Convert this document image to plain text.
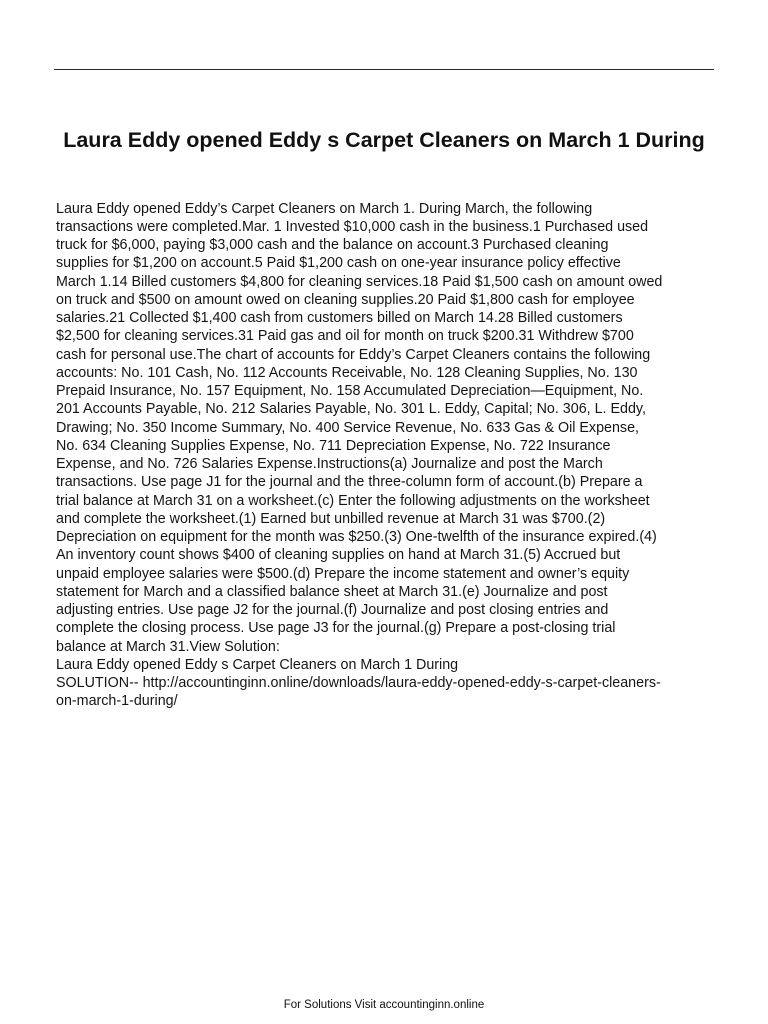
Laura Eddy opened Eddy s Carpet Cleaners on March 1 During
Laura Eddy opened Eddy’s Carpet Cleaners on March 1. During March, the following
transactions were completed.Mar. 1 Invested $10,000 cash in the business.1 Purchased used
truck for $6,000, paying $3,000 cash and the balance on account.3 Purchased cleaning
supplies for $1,200 on account.5 Paid $1,200 cash on one-year insurance policy effective
March 1.14 Billed customers $4,800 for cleaning services.18 Paid $1,500 cash on amount owed
on truck and $500 on amount owed on cleaning supplies.20 Paid $1,800 cash for employee
salaries.21 Collected $1,400 cash from customers billed on March 14.28 Billed customers
$2,500 for cleaning services.31 Paid gas and oil for month on truck $200.31 Withdrew $700
cash for personal use.The chart of accounts for Eddy’s Carpet Cleaners contains the following
accounts: No. 101 Cash, No. 112 Accounts Receivable, No. 128 Cleaning Supplies, No. 130
Prepaid Insurance, No. 157 Equipment, No. 158 Accumulated Depreciation—Equipment, No.
201 Accounts Payable, No. 212 Salaries Payable, No. 301 L. Eddy, Capital; No. 306, L. Eddy,
Drawing; No. 350 Income Summary, No. 400 Service Revenue, No. 633 Gas & Oil Expense,
No. 634 Cleaning Supplies Expense, No. 711 Depreciation Expense, No. 722 Insurance
Expense, and No. 726 Salaries Expense.Instructions(a) Journalize and post the March
transactions. Use page J1 for the journal and the three-column form of account.(b) Prepare a
trial balance at March 31 on a worksheet.(c) Enter the following adjustments on the worksheet
and complete the worksheet.(1) Earned but unbilled revenue at March 31 was $700.(2)
Depreciation on equipment for the month was $250.(3) One-twelfth of the insurance expired.(4)
An inventory count shows $400 of cleaning supplies on hand at March 31.(5) Accrued but
unpaid employee salaries were $500.(d) Prepare the income statement and owner’s equity
statement for March and a classified balance sheet at March 31.(e) Journalize and post
adjusting entries. Use page J2 for the journal.(f) Journalize and post closing entries and
complete the closing process. Use page J3 for the journal.(g) Prepare a post-closing trial
balance at March 31.View Solution:
Laura Eddy opened Eddy s Carpet Cleaners on March 1 During
SOLUTION-- http://accountinginn.online/downloads/laura-eddy-opened-eddy-s-carpet-cleaners-
on-march-1-during/
For Solutions Visit accountinginn.online
